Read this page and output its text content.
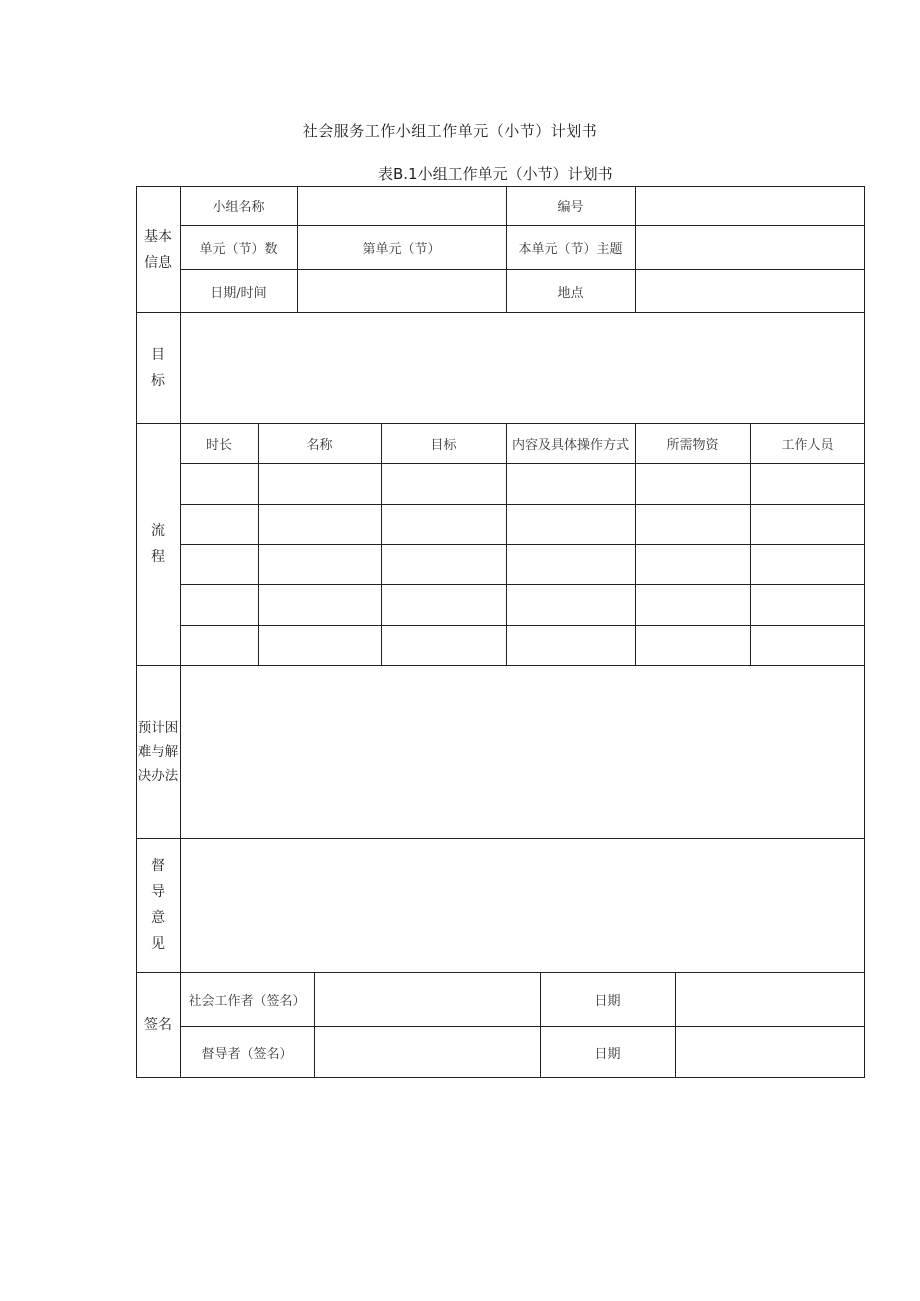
社会服务工作小组工作单元（小节）计划书
表B.1小组工作单元（小节）计划书
基本
信息
小组名称	编号
单元（节）数	第单元（节）	本单元（节）主题
日期/时间	地点
目
标
流
程
时长	名称	目标	内容及具体操作方式	所需物资	工作人员
预计困
难与解
决办法
督
导
意
见
签名
社会工作者（签名）	日期
督导者（签名）	日期
